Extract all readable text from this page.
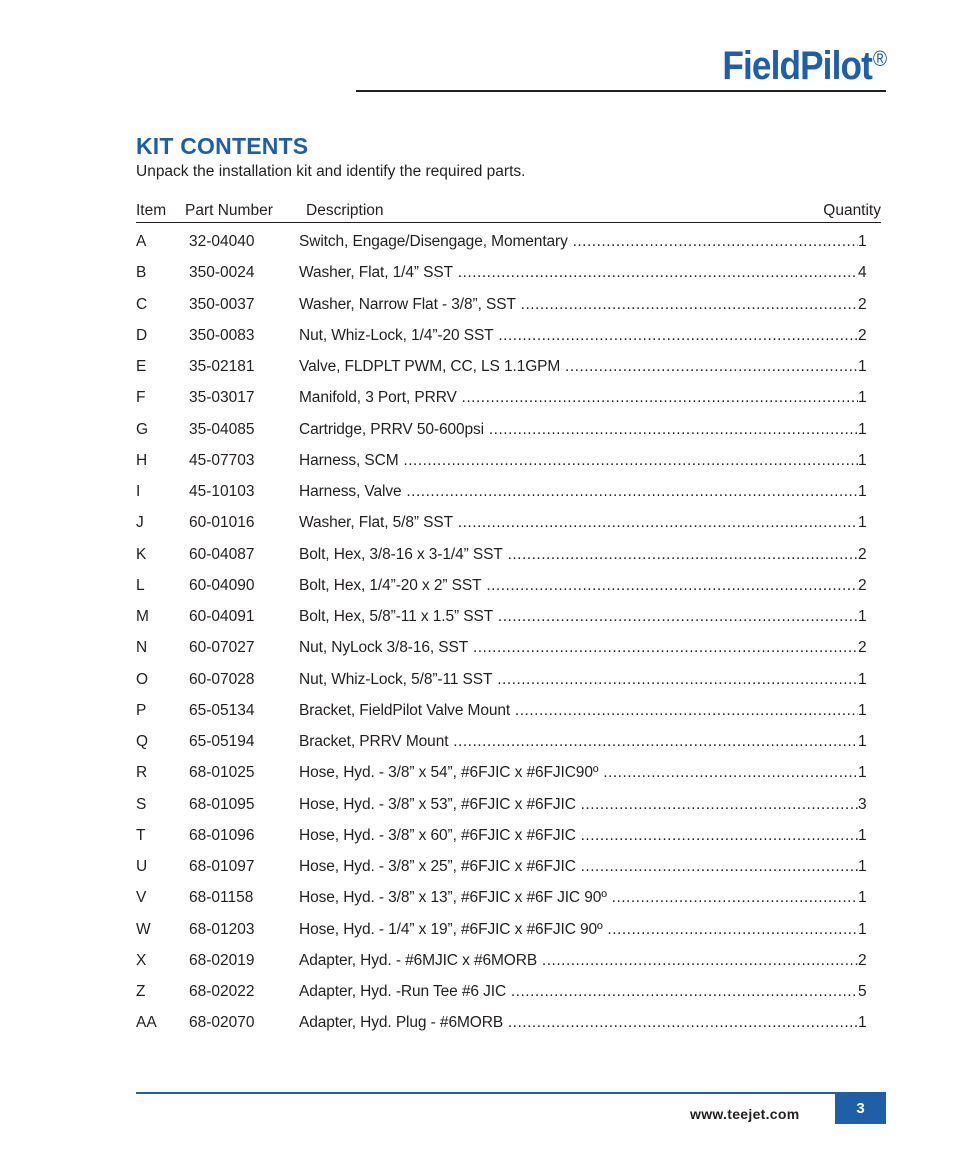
FieldPilot®
KIT CONTENTS
Unpack the installation kit and identify the required parts.
Item Part Number Description	Quantity
A	32-04040	Switch, Engage/Disengage, Momentary .....	1
B	350-0024	Washer, Flat, 1/4” SST .....	4
C	350-0037	Washer, Narrow Flat - 3/8”, SST .....	2
D	350-0083	Nut, Whiz-Lock, 1/4”-20 SST .....	2
E	35-02181	Valve, FLDPLT PWM, CC, LS 1.1GPM .....	1
F	35-03017	Manifold, 3 Port, PRRV .....	1
G	35-04085	Cartridge, PRRV 50-600psi .....	1
H	45-07703	Harness, SCM .....	1
I	45-10103	Harness, Valve .....	1
J	60-01016	Washer, Flat, 5/8” SST .....	1
K	60-04087	Bolt, Hex, 3/8-16 x 3-1/4” SST .....	2
L	60-04090	Bolt, Hex, 1/4”-20 x 2” SST .....	2
M	60-04091	Bolt, Hex, 5/8”-11 x 1.5” SST .....	1
N	60-07027	Nut, NyLock 3/8-16, SST .....	2
O	60-07028	Nut, Whiz-Lock, 5/8”-11 SST .....	1
P	65-05134	Bracket, FieldPilot Valve Mount .....	1
Q	65-05194	Bracket, PRRV Mount .....	1
R	68-01025	Hose, Hyd. - 3/8” x 54”, #6FJIC x #6FJIC90º .....	1
S	68-01095	Hose, Hyd. - 3/8” x 53”, #6FJIC x #6FJIC .....	3
T	68-01096	Hose, Hyd. - 3/8” x 60”, #6FJIC x #6FJIC .....	1
U	68-01097	Hose, Hyd. - 3/8” x 25”, #6FJIC x #6FJIC .....	1
V	68-01158	Hose, Hyd. - 3/8” x 13”, #6FJIC x #6F JIC 90º .....	1
W 68-01203	Hose, Hyd. - 1/4” x 19”, #6FJIC x #6FJIC 90º .....	1
X	68-02019	Adapter, Hyd. - #6MJIC x #6MORB .....	2
Z	68-02022	Adapter, Hyd. -Run Tee #6 JIC .....	5
AA 68-02070	Adapter, Hyd. Plug - #6MORB .....	1
www.teejet.com	3
